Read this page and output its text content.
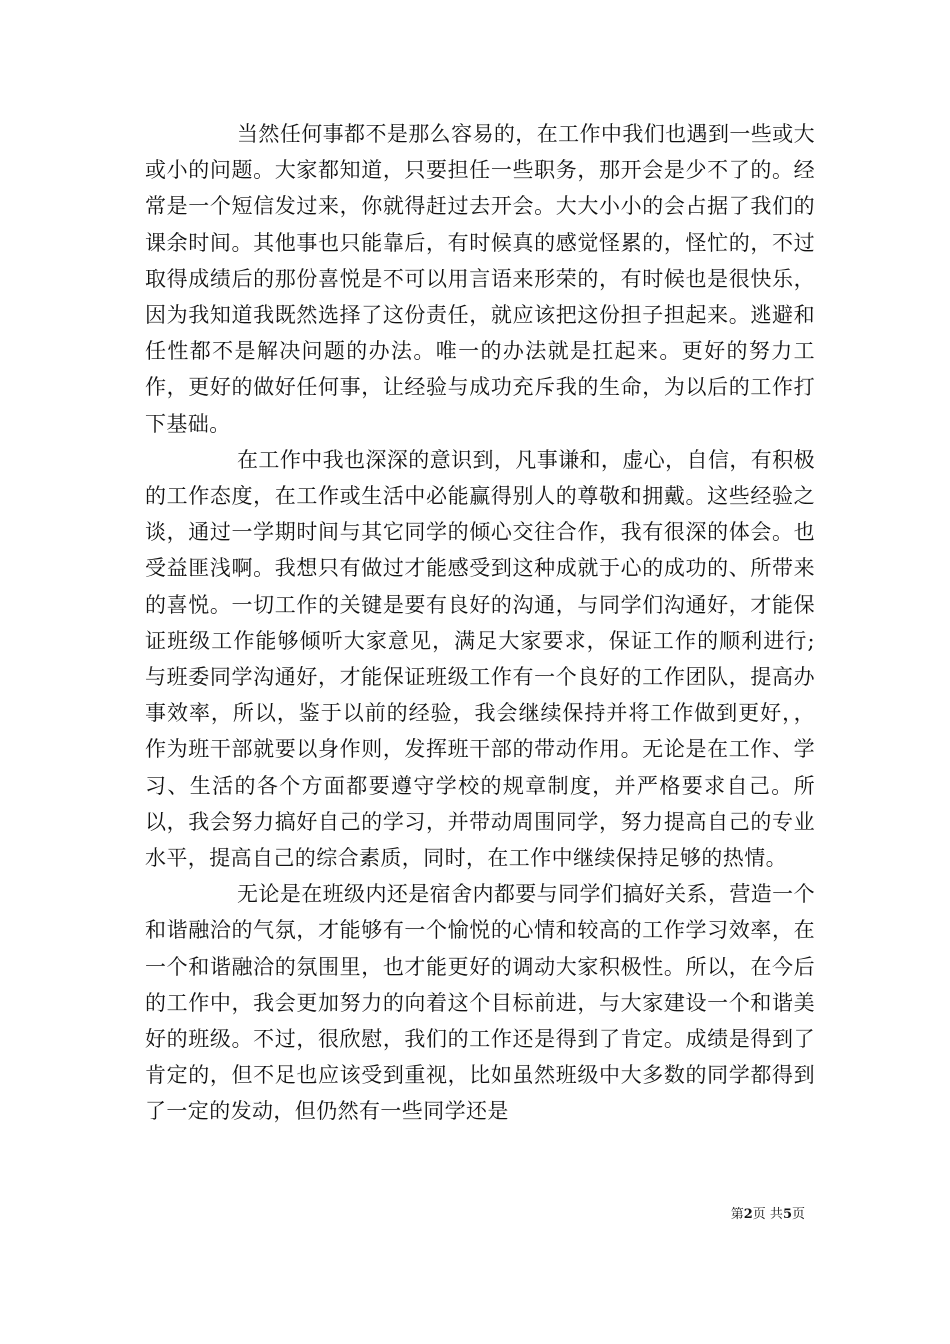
当然任何事都不是那么容易的，在工作中我们也遇到一些或大或小的问题。大家都知道，只要担任一些职务，那开会是少不了的。经常是一个短信发过来，你就得赶过去开会。大大小小的会占据了我们的课余时间。其他事也只能靠后，有时候真的感觉怪累的，怪忙的，不过取得成绩后的那份喜悦是不可以用言语来形荣的，有时候也是很快乐，因为我知道我既然选择了这份责任，就应该把这份担子担起来。逃避和任性都不是解决问题的办法。唯一的办法就是扛起来。更好的努力工作，更好的做好任何事，让经验与成功充斥我的生命，为以后的工作打下基础。

在工作中我也深深的意识到，凡事谦和，虚心，自信，有积极的工作态度，在工作或生活中必能赢得别人的尊敬和拥戴。这些经验之谈，通过一学期时间与其它同学的倾心交往合作，我有很深的体会。也受益匪浅啊。我想只有做过才能感受到这种成就于心的成功的、所带来的喜悦。一切工作的关键是要有良好的沟通，与同学们沟通好，才能保证班级工作能够倾听大家意见，满足大家要求，保证工作的顺利进行;与班委同学沟通好，才能保证班级工作有一个良好的工作团队，提高办事效率，所以，鉴于以前的经验，我会继续保持并将工作做到更好，，作为班干部就要以身作则，发挥班干部的带动作用。无论是在工作、学习、生活的各个方面都要遵守学校的规章制度，并严格要求自己。所以，我会努力搞好自己的学习，并带动周围同学，努力提高自己的专业水平，提高自己的综合素质，同时，在工作中继续保持足够的热情。

无论是在班级内还是宿舍内都要与同学们搞好关系，营造一个和谐融洽的气氛，才能够有一个愉悦的心情和较高的工作学习效率，在一个和谐融洽的氛围里，也才能更好的调动大家积极性。所以，在今后的工作中，我会更加努力的向着这个目标前进，与大家建设一个和谐美好的班级。不过，很欣慰，我们的工作还是得到了肯定。成绩是得到了肯定的，但不足也应该受到重视，比如虽然班级中大多数的同学都得到了一定的发动，但仍然有一些同学还是

第2页 共5页
